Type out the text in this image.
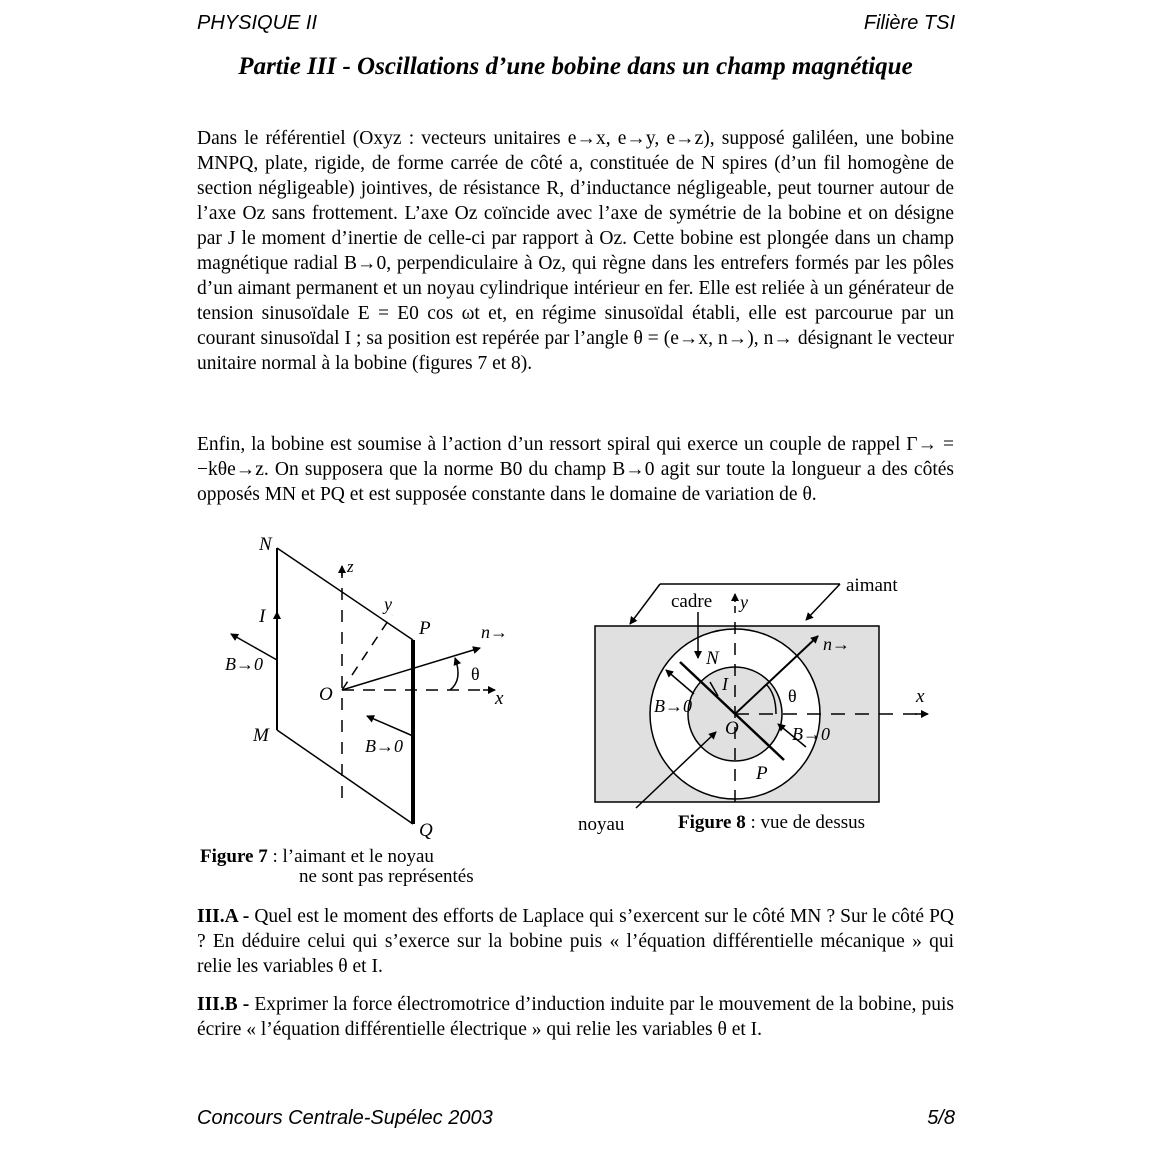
PHYSIQUE II	Filière TSI
Partie III - Oscillations d’une bobine dans un champ magnétique

Dans le référentiel (Oxyz : vecteurs unitaires e→x, e→y, e→z), supposé galiléen, une bobine MNPQ, plate, rigide, de forme carrée de côté a, constituée de N spires (d’un fil homogène de section négligeable) jointives, de résistance R, d’inductance négligeable, peut tourner autour de l’axe Oz sans frottement. L’axe Oz coïncide avec l’axe de symétrie de la bobine et on désigne par J le moment d’inertie de celle-ci par rapport à Oz. Cette bobine est plongée dans un champ magnétique radial B→0, perpendiculaire à Oz, qui règne dans les entrefers formés par les pôles d’un aimant permanent et un noyau cylindrique intérieur en fer. Elle est reliée à un générateur de tension sinusoïdale E = E0 cos ωt et, en régime sinusoïdal établi, elle est parcourue par un courant sinusoïdal I ; sa position est repérée par l’angle θ = (e→x, n→), n→ désignant le vecteur unitaire normal à la bobine (figures 7 et 8).

Enfin, la bobine est soumise à l’action d’un ressort spiral qui exerce un couple de rappel Γ→ = −kθe→z. On supposera que la norme B0 du champ B→0 agit sur toute la longueur a des côtés opposés MN et PQ et est supposée constante dans le domaine de variation de θ.

N
M
P
Q
O	x
y
z
I
n→
θ
B→0
B→0
Figure 7 : l’aimant et le noyau
ne sont pas représentés
aimant
cadre y
x
n→
N
I
O
P
θ
B→0
B→0
noyau	Figure 8 : vue de dessus

III.A - Quel est le moment des efforts de Laplace qui s’exercent sur le côté MN ? Sur le côté PQ ? En déduire celui qui s’exerce sur la bobine puis « l’équation différentielle mécanique » qui relie les variables θ et I.

III.B - Exprimer la force électromotrice d’induction induite par le mouvement de la bobine, puis écrire « l’équation différentielle électrique » qui relie les variables θ et I.

Concours Centrale-Supélec 2003	5/8
